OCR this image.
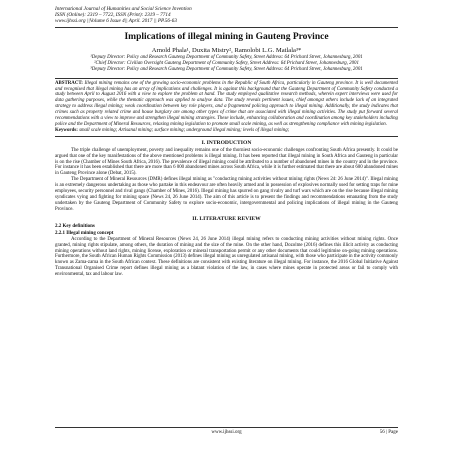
International Journal of Humanities and Social Science Invention
ISSN (Online): 2319 – 7722, ISSN (Print): 2319 – 7714
www.ijhssi.org ||Volume 6 Issue 4|| April. 2017 || PP.56-63
Implications of illegal mining in Gauteng Province
Arnold Phala¹, Duxita Mistry², Ramolobi L.G. Matlala³*
¹Deputy Director: Policy and Research Gauteng Department of Community Safety, Street Address: 64 Prichard Street, Johannesburg, 2001
²Chief Director: Civilian Oversight Gauteng Department of Community Safety, Street Address: 64 Prichard Street, Johannesburg, 2001
³Deputy Director: Policy and Research Gauteng Department of Community Safety, Street Address: 64 Prichard Street, Johannesburg, 2001
ABSTRACT: Illegal mining remains one of the growing socio-economic problems in the Republic of South Africa, particularly in Gauteng province. It is well documented and recognised that illegal mining has an array of implications and challenges. It is against this background that the Gauteng Department of Community Safety conducted a study between April to August 2016 with a view to explore the problem at hand. The study employed qualitative research methods, wherein expert interviews were used for data gathering purposes, while the thematic approach was applied to analyse data. The study reveals pertinent issues, chief amongst others include lack of an integrated strategy to address illegal mining; weak coordination between key role players, and a fragmented policing approach to illegal mining. Additionally, the study indicates that crimes such as property related crime and house burglary are among other types of crime that are associated with illegal mining activities. The study put forward several recommendations with a view to improve and strengthen illegal mining strategies. These include, enhancing collaboration and coordination among key stakeholders including police and the Department of Mineral Resources, relaxing mining legislation to promote small scale mining, as well as strengthening compliance with mining legislation.
Keywords: small scale mining; Artisanal mining; surface mining; underground illegal mining; levels of illegal mining;
I. INTRODUCTION

The triple challenge of unemployment, poverty and inequality remains one of the thorniest socio-economic challenges confronting South Africa presently. It could be argued that one of the key manifestations of the above mentioned problems is illegal mining. It has been reported that illegal mining in South Africa and Gauteng in particular is on the rise (Chamber of Mines South Africa, 2016). The prevalence of illegal mining could be attributed to a number of abandoned mines in the country and in the province. For instance it has been established that there are more than 6 000 abandoned mines across South Africa, while it is further estimated that there are about 600 abandoned mines in Gauteng Province alone (Debat, 2015).

The Department of Mineral Resources (DMR) defines illegal mining as "conducting mining activities without mining rights (News 24: 26 June 2014)". Illegal mining is an extremely dangerous undertaking as those who partake in this endeavour are often heavily armed and in possession of explosives normally used for setting traps for mine employees, security personnel and rival gangs (Chamber of Mines, 2016). Illegal mining has spurred on gang rivalry and turf wars which are on the rise because illegal mining syndicates vying and fighting for mining space (News 24, 26 June 2014). The aim of this article is to present the findings and recommendations emanating from the study undertaken by the Gauteng Department of Community Safety to explore socio-economic, intergovernmental and policing implications of illegal mining in the Gauteng Province.

II. LITERATURE REVIEW
2.2 Key definitions
2.2.1 Illegal mining concept

According to the Department of Mineral Resources (News 24, 26 June 2014) illegal mining refers to conducting mining activities without mining rights. Once granted, mining rights stipulate, among others, the duration of mining and the size of the mine. On the other hand, Dozolme (2016) defines this illicit activity as conducting mining operations without land rights, mining license, exploration or mineral transportation permit or any other documents that could legitimise on-going mining operations. Furthermore, the South African Human Rights Commission (2013) defines illegal mining as unregulated artisanal mining, with those who participate in the activity commonly known as Zama-zama in the South African context. These definitions are consistent with existing literature on illegal mining. For instance, the 2016 Global Initiative Against Transnational Organised Crime report defines illegal mining as a blatant violation of the law, in cases where mines operate in protected areas or fail to comply with environmental, tax and labour law.

www.ijhssi.org	56 | Page
